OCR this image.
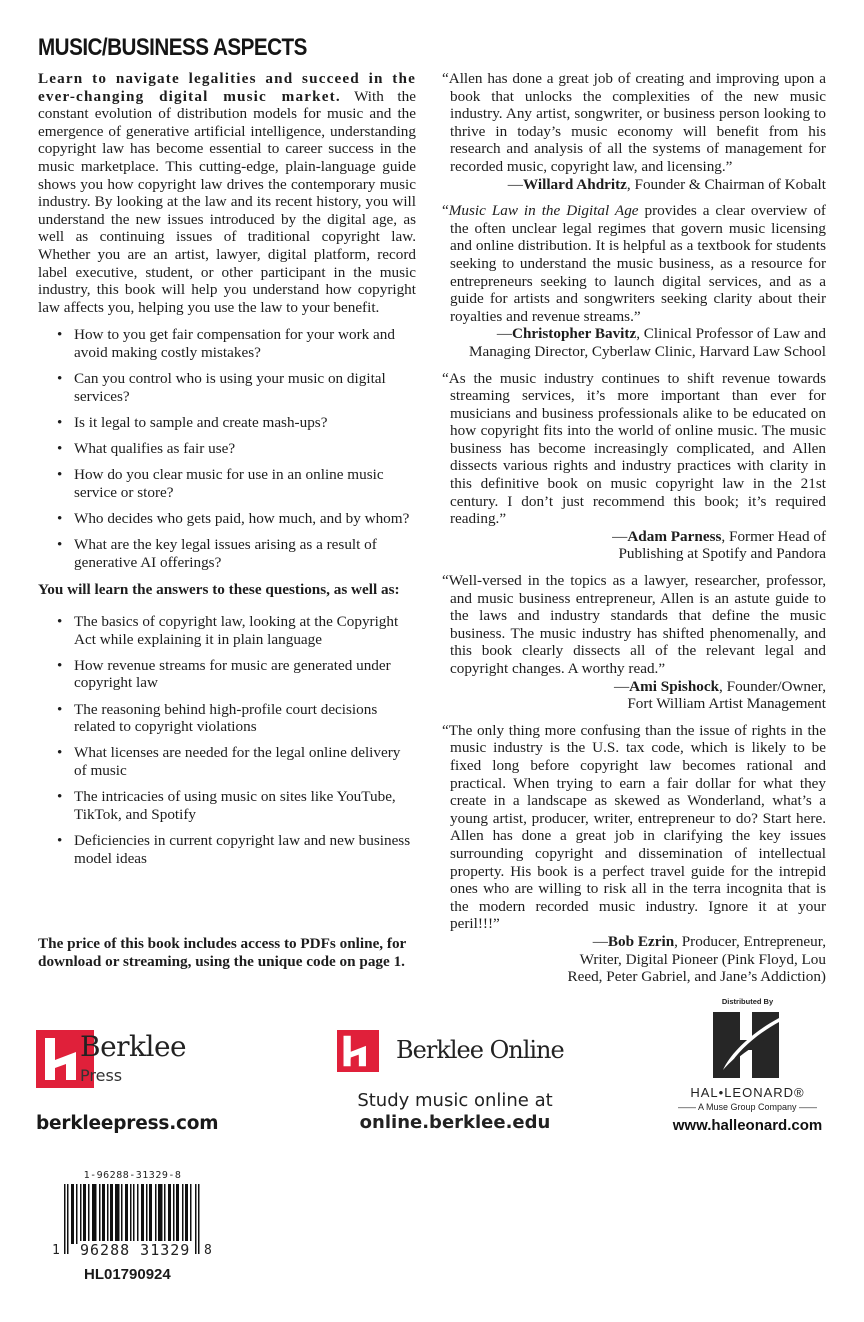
MUSIC/BUSINESS ASPECTS

Learn to navigate legalities and succeed in the ever-changing digital music market. With the constant evolution of distribution models for music and the emergence of generative artificial intelligence, understanding copyright law has become essential to career success in the music marketplace. This cutting-edge, plain-language guide shows you how copyright law drives the contemporary music industry. By looking at the law and its recent history, you will understand the new issues introduced by the digital age, as well as continuing issues of traditional copyright law. Whether you are an artist, lawyer, digital platform, record label executive, student, or other participant in the music industry, this book will help you understand how copyright law affects you, helping you use the law to your benefit.

• How to you get fair compensation for your work and avoid making costly mistakes?
• Can you control who is using your music on digital services?
• Is it legal to sample and create mash-ups?
• What qualifies as fair use?
• How do you clear music for use in an online music service or store?
• Who decides who gets paid, how much, and by whom?
• What are the key legal issues arising as a result of generative AI offerings?

You will learn the answers to these questions, as well as:

• The basics of copyright law, looking at the Copyright Act while explaining it in plain language
• How revenue streams for music are generated under copyright law
• The reasoning behind high-profile court decisions related to copyright violations
• What licenses are needed for the legal online delivery of music
• The intricacies of using music on sites like YouTube, TikTok, and Spotify
• Deficiencies in current copyright law and new business model ideas
The price of this book includes access to PDFs online, for download or streaming, using the unique code on page 1.

“Allen has done a great job of creating and improving upon a book that unlocks the complexities of the new music industry. Any artist, songwriter, or business person looking to thrive in today’s music economy will benefit from his research and analysis of all the systems of management for recorded music, copyright law, and licensing.”

—Willard Ahdritz, Founder & Chairman of Kobalt

“Music Law in the Digital Age provides a clear overview of the often unclear legal regimes that govern music licensing and online distribution. It is helpful as a textbook for students seeking to understand the music business, as a resource for entrepreneurs seeking to launch digital services, and as a guide for artists and songwriters seeking clarity about their royalties and revenue streams.”

—Christopher Bavitz, Clinical Professor of Law and Managing Director, Cyberlaw Clinic, Harvard Law School

“As the music industry continues to shift revenue towards streaming services, it’s more important than ever for musicians and business professionals alike to be educated on how copyright fits into the world of online music. The music business has become increasingly complicated, and Allen dissects various rights and industry practices with clarity in this definitive book on music copyright law in the 21st century. I don’t just recommend this book; it’s required reading.”

—Adam Parness, Former Head of Publishing at Spotify and Pandora

“Well-versed in the topics as a lawyer, researcher, professor, and music business entrepreneur, Allen is an astute guide to the laws and industry standards that define the music business. The music industry has shifted phenomenally, and this book clearly dissects all of the relevant legal and copyright changes. A worthy read.”

—Ami Spishock, Founder/Owner, Fort William Artist Management

“The only thing more confusing than the issue of rights in the music industry is the U.S. tax code, which is likely to be fixed long before copyright law becomes rational and practical. When trying to earn a fair dollar for what they create in a landscape as skewed as Wonderland, what’s a young artist, producer, writer, entrepreneur to do? Start here. Allen has done a great job in clarifying the key issues surrounding copyright and dissemination of intellectual property. His book is a perfect travel guide for the intrepid ones who are willing to risk all in the terra incognita that is the modern recorded music industry. Ignore it at your peril!!!”

—Bob Ezrin, Producer, Entrepreneur, Writer, Digital Pioneer (Pink Floyd, Lou Reed, Peter Gabriel, and Jane’s Addiction)

Berklee
Press
berkleepress.com
Berklee Online
Study music online at
online.berklee.edu
Distributed By
HAL•LEONARD®
—— A Muse Group Company ——
www.halleonard.com
1-96288-31329-8
1 96288 31329 8
HL01790924
